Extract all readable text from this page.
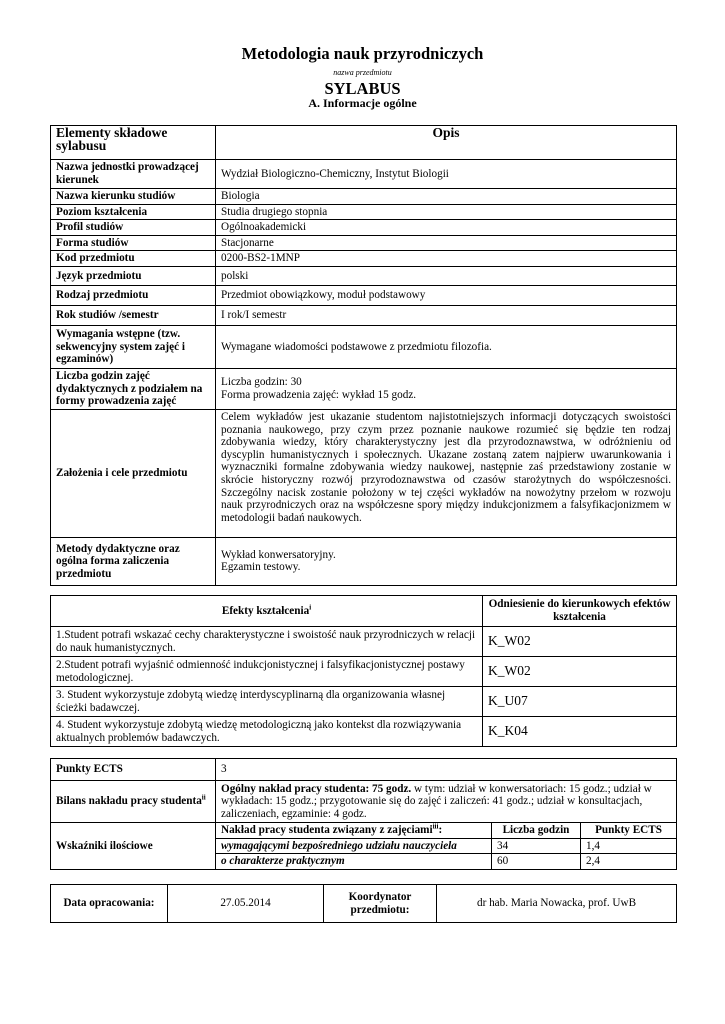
Metodologia nauk przyrodniczych
nazwa przedmiotu
SYLABUS
A. Informacje ogólne
Elementy składowe sylabusu	Opis
Nazwa jednostki prowadzącej kierunek	Wydział Biologiczno-Chemiczny, Instytut Biologii
Nazwa kierunku studiów	Biologia
Poziom kształcenia	Studia drugiego stopnia
Profil studiów	Ogólnoakademicki
Forma studiów	Stacjonarne
Kod przedmiotu	0200-BS2-1MNP
Język przedmiotu	polski
Rodzaj przedmiotu	Przedmiot obowiązkowy, moduł podstawowy
Rok studiów /semestr	I rok/I semestr
Wymagania wstępne (tzw. sekwencyjny system zajęć i egzaminów)	Wymagane wiadomości podstawowe z przedmiotu filozofia.
Liczba godzin zajęć dydaktycznych z podziałem na formy prowadzenia zajęć	Liczba godzin: 30
Forma prowadzenia zajęć: wykład 15 godz.

Założenia i cele przedmiotu	Celem wykładów jest ukazanie studentom najistotniejszych informacji dotyczących swoistości poznania naukowego, przy czym przez poznanie naukowe rozumieć się będzie ten rodzaj zdobywania wiedzy, który charakterystyczny jest dla przyrodoznawstwa, w odróżnieniu od dyscyplin humanistycznych i społecznych. Ukazane zostaną zatem najpierw uwarunkowania i wyznaczniki formalne zdobywania wiedzy naukowej, następnie zaś przedstawiony zostanie w skrócie historyczny rozwój przyrodoznawstwa od czasów starożytnych do współczesności. Szczególny nacisk zostanie położony w tej części wykładów na nowożytny przełom w rozwoju nauk przyrodniczych oraz na współczesne spory między indukcjonizmem a falsyfikacjonizmem w metodologii badań naukowych.
Metody dydaktyczne oraz ogólna forma zaliczenia przedmiotu	Wykład konwersatoryjny.
Egzamin testowy.
Efekty kształcenia$^i$	Odniesienie do kierunkowych efektów kształcenia
1.Student potrafi wskazać cechy charakterystyczne i swoistość nauk przyrodniczych w relacji do nauk humanistycznych.	K_W02
2.Student potrafi wyjaśnić odmienność indukcjonistycznej i falsyfikacjonistycznej postawy metodologicznej.	K_W02
3. Student wykorzystuje zdobytą wiedzę interdyscyplinarną dla organizowania własnej ścieżki badawczej.	K_U07
4. Student wykorzystuje zdobytą wiedzę metodologiczną jako kontekst dla rozwiązywania aktualnych problemów badawczych.	K_K04
Punkty ECTS	3		
Bilans nakładu pracy studenta$^{ii}$	Ogólny nakład pracy studenta: 75 godz. w tym: udział w konwersatoriach: 15 godz.; udział w wykładach: 15 godz.; przygotowanie się do zajęć i zaliczeń: 41 godz.; udział w konsultacjach, zaliczeniach, egzaminie: 4 godz.		
Wskaźniki ilościowe	Nakład pracy studenta związany z zajęciami$^{iii}$:	Liczba godzin	Punkty ECTS
	wymagającymi bezpośredniego udziału nauczyciela	34	1,4
	o charakterze praktycznym	60	2,4
Data opracowania:	27.05.2014	Koordynator przedmiotu:	dr hab. Maria Nowacka, prof. UwB
